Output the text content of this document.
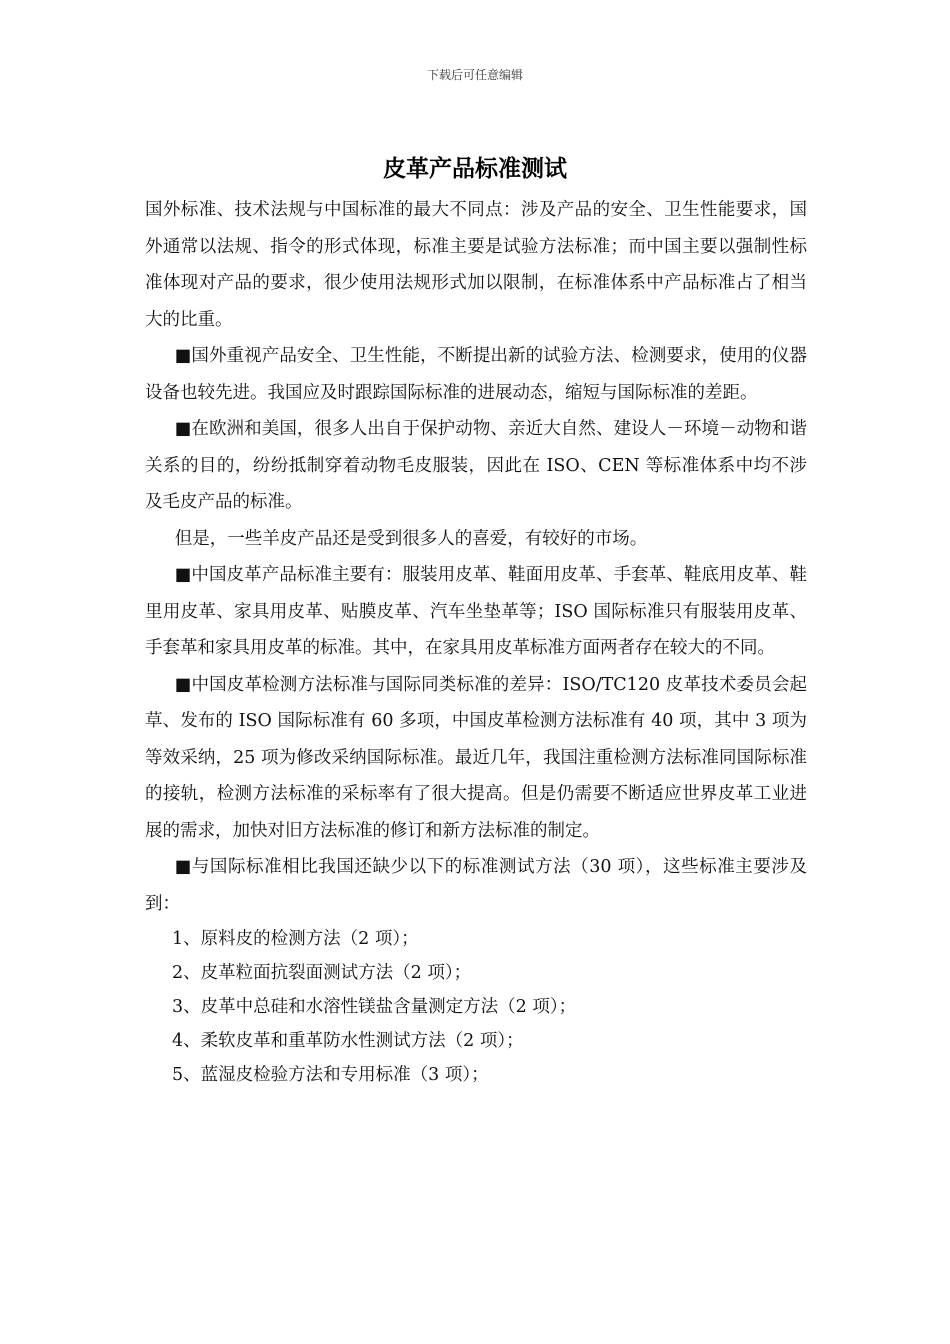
下载后可任意编辑
皮革产品标准测试

国外标准、技术法规与中国标准的最大不同点：涉及产品的安全、卫生性能要求，国外通常以法规、指令的形式体现，标准主要是试验方法标准；而中国主要以强制性标准体现对产品的要求，很少使用法规形式加以限制，在标准体系中产品标准占了相当大的比重。

■国外重视产品安全、卫生性能，不断提出新的试验方法、检测要求，使用的仪器设备也较先进。我国应及时跟踪国际标准的进展动态，缩短与国际标准的差距。

■在欧洲和美国，很多人出自于保护动物、亲近大自然、建设人－环境－动物和谐关系的目的，纷纷抵制穿着动物毛皮服装，因此在 ISO、CEN 等标准体系中均不涉及毛皮产品的标准。

但是，一些羊皮产品还是受到很多人的喜爱，有较好的市场。

■中国皮革产品标准主要有：服装用皮革、鞋面用皮革、手套革、鞋底用皮革、鞋里用皮革、家具用皮革、贴膜皮革、汽车坐垫革等；ISO 国际标准只有服装用皮革、手套革和家具用皮革的标准。其中，在家具用皮革标准方面两者存在较大的不同。

■中国皮革检测方法标准与国际同类标准的差异：ISO/TC120 皮革技术委员会起草、发布的 ISO 国际标准有 60 多项，中国皮革检测方法标准有 40 项，其中 3 项为等效采纳，25 项为修改采纳国际标准。最近几年，我国注重检测方法标准同国际标准的接轨，检测方法标准的采标率有了很大提高。但是仍需要不断适应世界皮革工业进展的需求，加快对旧方法标准的修订和新方法标准的制定。

■与国际标准相比我国还缺少以下的标准测试方法（30 项），这些标准主要涉及到：

1、原料皮的检测方法（2 项）；

2、皮革粒面抗裂面测试方法（2 项）；

3、皮革中总硅和水溶性镁盐含量测定方法（2 项）；

4、柔软皮革和重革防水性测试方法（2 项）；

5、蓝湿皮检验方法和专用标准（3 项）；
